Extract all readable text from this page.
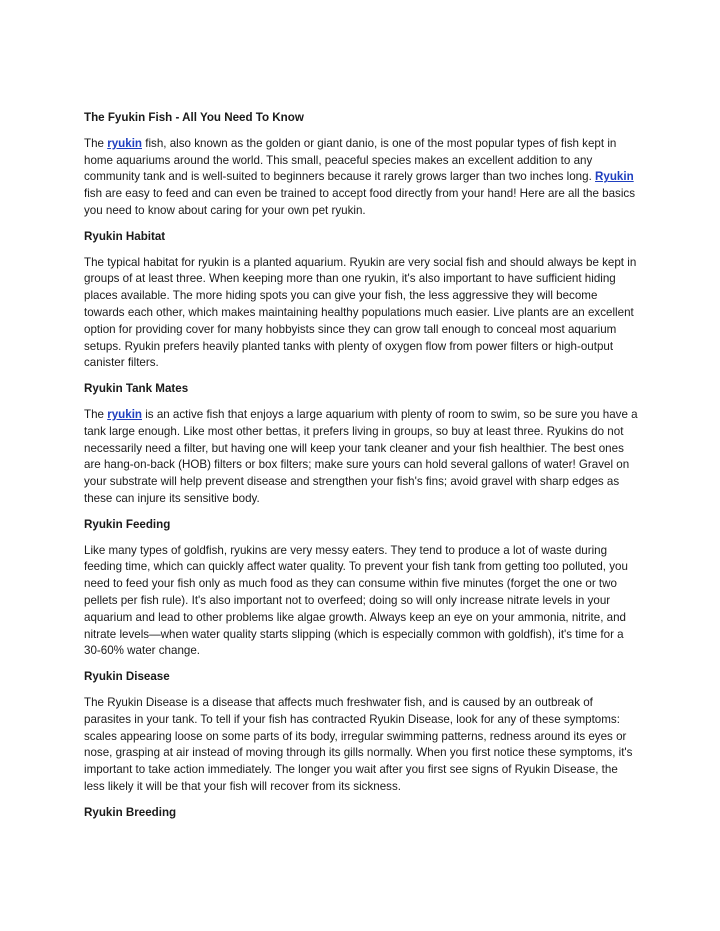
The Fyukin Fish - All You Need To Know

The ryukin fish, also known as the golden or giant danio, is one of the most popular types of fish kept in home aquariums around the world. This small, peaceful species makes an excellent addition to any community tank and is well-suited to beginners because it rarely grows larger than two inches long. Ryukin fish are easy to feed and can even be trained to accept food directly from your hand! Here are all the basics you need to know about caring for your own pet ryukin.

Ryukin Habitat

The typical habitat for ryukin is a planted aquarium. Ryukin are very social fish and should always be kept in groups of at least three. When keeping more than one ryukin, it's also important to have sufficient hiding places available. The more hiding spots you can give your fish, the less aggressive they will become towards each other, which makes maintaining healthy populations much easier. Live plants are an excellent option for providing cover for many hobbyists since they can grow tall enough to conceal most aquarium setups. Ryukin prefers heavily planted tanks with plenty of oxygen flow from power filters or high-output canister filters.

Ryukin Tank Mates

The ryukin is an active fish that enjoys a large aquarium with plenty of room to swim, so be sure you have a tank large enough. Like most other bettas, it prefers living in groups, so buy at least three. Ryukins do not necessarily need a filter, but having one will keep your tank cleaner and your fish healthier. The best ones are hang-on-back (HOB) filters or box filters; make sure yours can hold several gallons of water! Gravel on your substrate will help prevent disease and strengthen your fish's fins; avoid gravel with sharp edges as these can injure its sensitive body.

Ryukin Feeding

Like many types of goldfish, ryukins are very messy eaters. They tend to produce a lot of waste during feeding time, which can quickly affect water quality. To prevent your fish tank from getting too polluted, you need to feed your fish only as much food as they can consume within five minutes (forget the one or two pellets per fish rule). It's also important not to overfeed; doing so will only increase nitrate levels in your aquarium and lead to other problems like algae growth. Always keep an eye on your ammonia, nitrite, and nitrate levels—when water quality starts slipping (which is especially common with goldfish), it's time for a 30-60% water change.

Ryukin Disease

The Ryukin Disease is a disease that affects much freshwater fish, and is caused by an outbreak of parasites in your tank. To tell if your fish has contracted Ryukin Disease, look for any of these symptoms: scales appearing loose on some parts of its body, irregular swimming patterns, redness around its eyes or nose, grasping at air instead of moving through its gills normally. When you first notice these symptoms, it's important to take action immediately. The longer you wait after you first see signs of Ryukin Disease, the less likely it will be that your fish will recover from its sickness.

Ryukin Breeding
